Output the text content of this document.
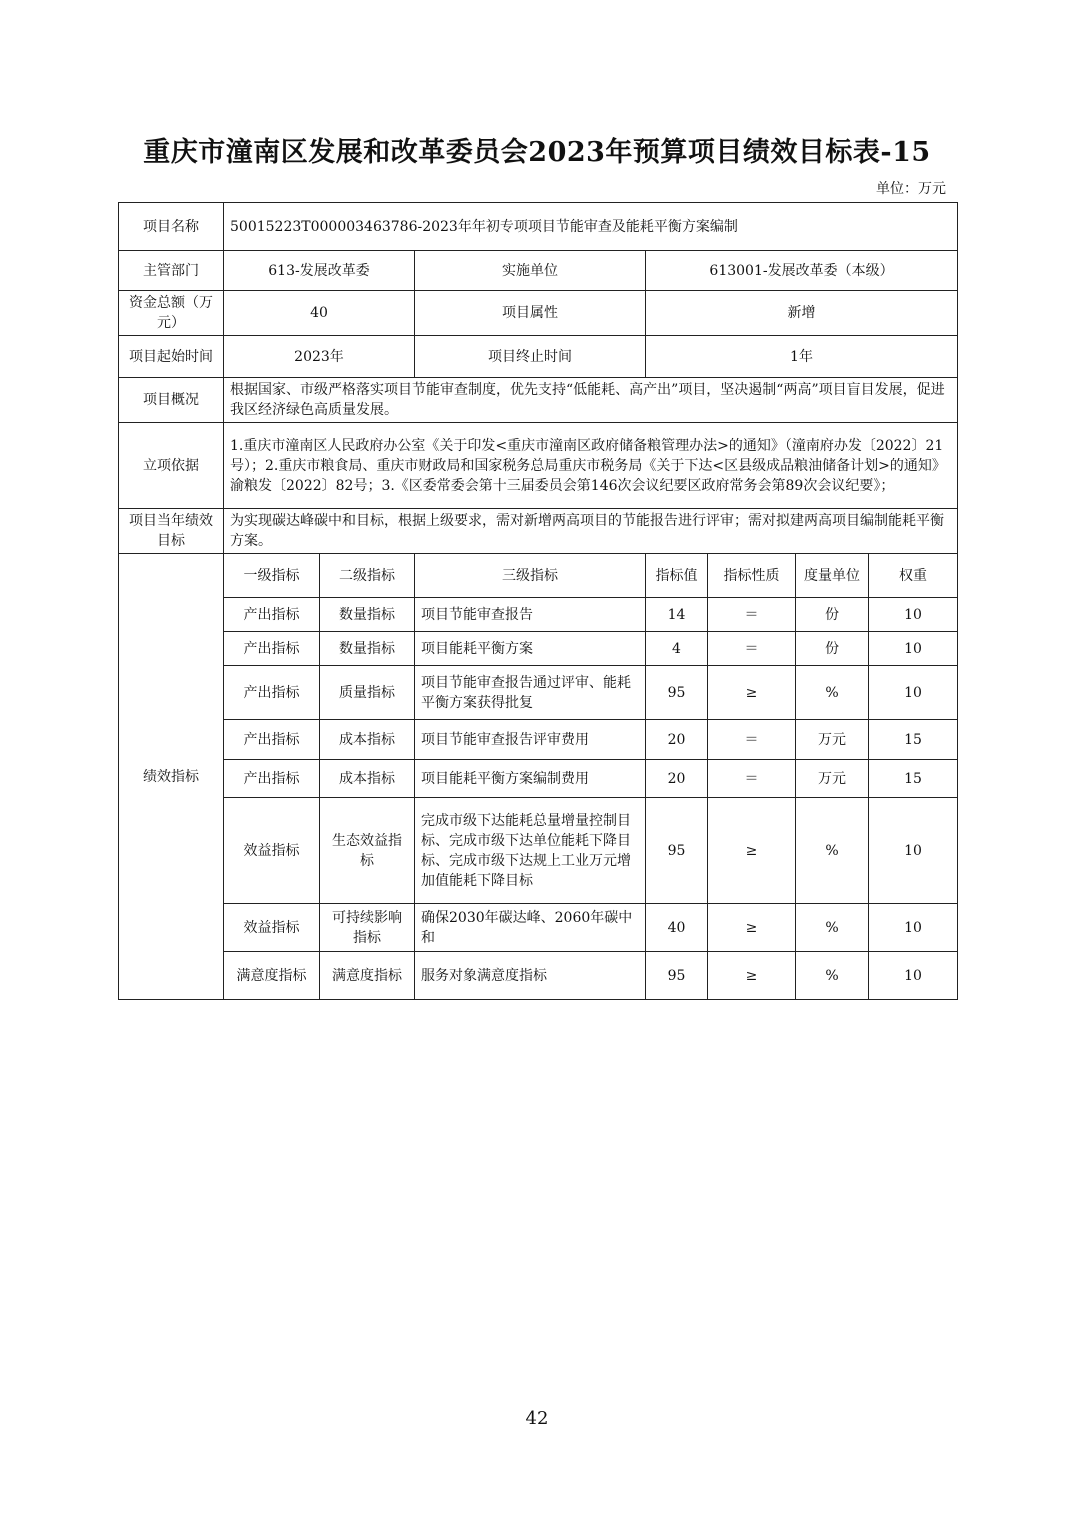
重庆市潼南区发展和改革委员会2023年预算项目绩效目标表-15
单位：万元
项目名称	50015223T000003463786-2023年年初专项项目节能审查及能耗平衡方案编制						
主管部门	613-发展改革委		实施单位	613001-发展改革委（本级）			
资金总额（万元）	40		项目属性	新增			
项目起始时间	2023年		项目终止时间	1年			
项目概况	根据国家、市级严格落实项目节能审查制度，优先支持“低能耗、高产出”项目，坚决遏制“两高”项目盲目发展，促进我区经济绿色高质量发展。						
立项依据	1.重庆市潼南区人民政府办公室《关于印发<重庆市潼南区政府储备粮管理办法>的通知》（潼南府办发〔2022〕21号）；2.重庆市粮食局、重庆市财政局和国家税务总局重庆市税务局《关于下达<区县级成品粮油储备计划>的通知》渝粮发〔2022〕82号；3.《区委常委会第十三届委员会第146次会议纪要区政府常务会第89次会议纪要》；						
项目当年绩效目标	为实现碳达峰碳中和目标，根据上级要求，需对新增两高项目的节能报告进行评审；需对拟建两高项目编制能耗平衡方案。						
绩效指标	一级指标	二级指标	三级指标	指标值	指标性质	度量单位	权重
	产出指标	数量指标	项目节能审查报告	14	＝	份	10
	产出指标	数量指标	项目能耗平衡方案	4	＝	份	10
	产出指标	质量指标	项目节能审查报告通过评审、能耗平衡方案获得批复	95	≥	%	10
	产出指标	成本指标	项目节能审查报告评审费用	20	＝	万元	15
	产出指标	成本指标	项目能耗平衡方案编制费用	20	＝	万元	15
	效益指标	生态效益指标	完成市级下达能耗总量增量控制目标、完成市级下达单位能耗下降目标、完成市级下达规上工业万元增加值能耗下降目标	95	≥	%	10
	效益指标	可持续影响指标	确保2030年碳达峰、2060年碳中和	40	≥	%	10
	满意度指标	满意度指标	服务对象满意度指标	95	≥	%	10
42
